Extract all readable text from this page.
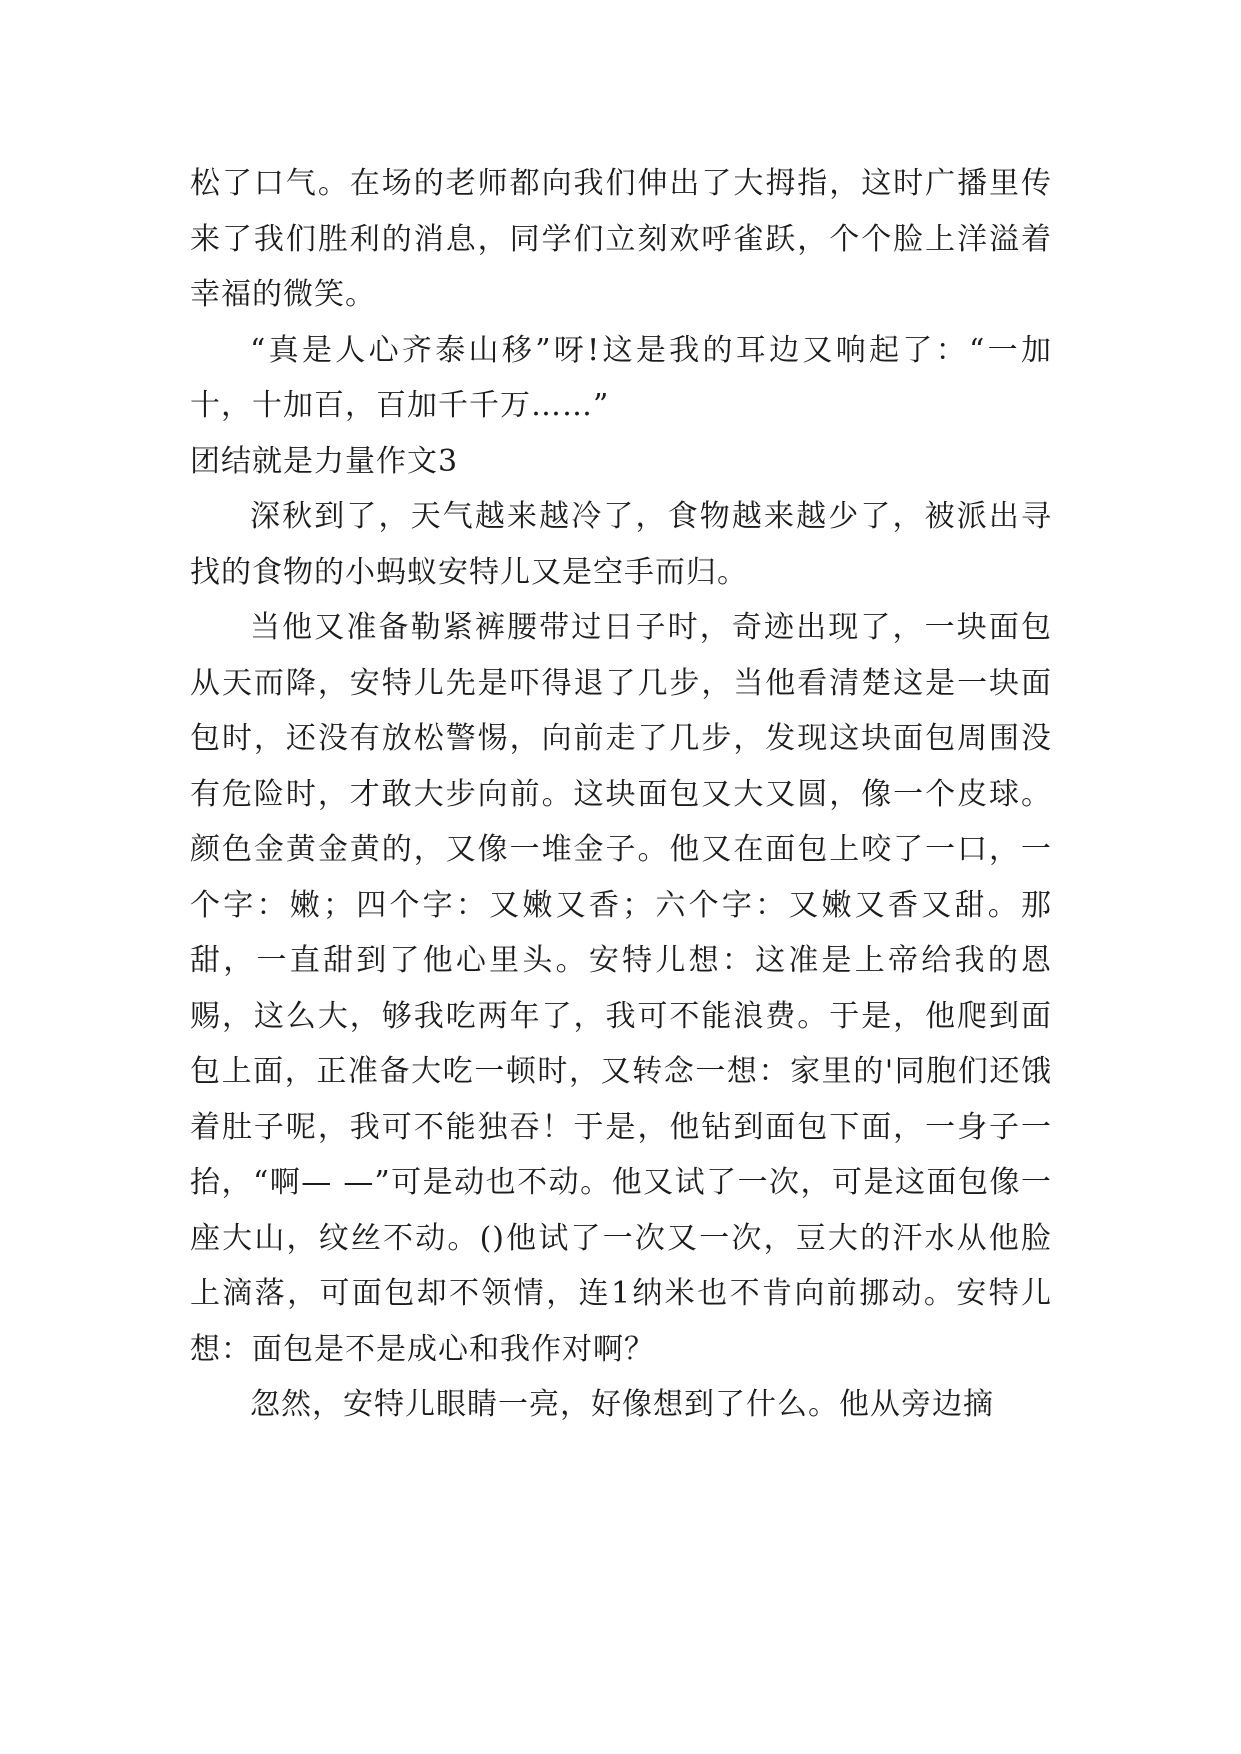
松了口气。在场的老师都向我们伸出了大拇指，这时广播里传来了我们胜利的消息，同学们立刻欢呼雀跃，个个脸上洋溢着幸福的微笑。

“真是人心齐泰山移”呀!这是我的耳边又响起了：“一加十，十加百，百加千千万……”

团结就是力量作文3

深秋到了，天气越来越冷了，食物越来越少了，被派出寻找的食物的小蚂蚁安特儿又是空手而归。

当他又准备勒紧裤腰带过日子时，奇迹出现了，一块面包从天而降，安特儿先是吓得退了几步，当他看清楚这是一块面包时，还没有放松警惕，向前走了几步，发现这块面包周围没有危险时，才敢大步向前。这块面包又大又圆，像一个皮球。颜色金黄金黄的，又像一堆金子。他又在面包上咬了一口，一个字：嫩；四个字：又嫩又香；六个字：又嫩又香又甜。那甜，一直甜到了他心里头。安特儿想：这准是上帝给我的恩赐，这么大，够我吃两年了，我可不能浪费。于是，他爬到面包上面，正准备大吃一顿时，又转念一想：家里的'同胞们还饿着肚子呢，我可不能独吞！于是，他钻到面包下面，一身子一抬，“啊— —”可是动也不动。他又试了一次，可是这面包像一座大山，纹丝不动。()他试了一次又一次，豆大的汗水从他脸上滴落，可面包却不领情，连1纳米也不肯向前挪动。安特儿想：面包是不是成心和我作对啊？

忽然，安特儿眼睛一亮，好像想到了什么。他从旁边摘
